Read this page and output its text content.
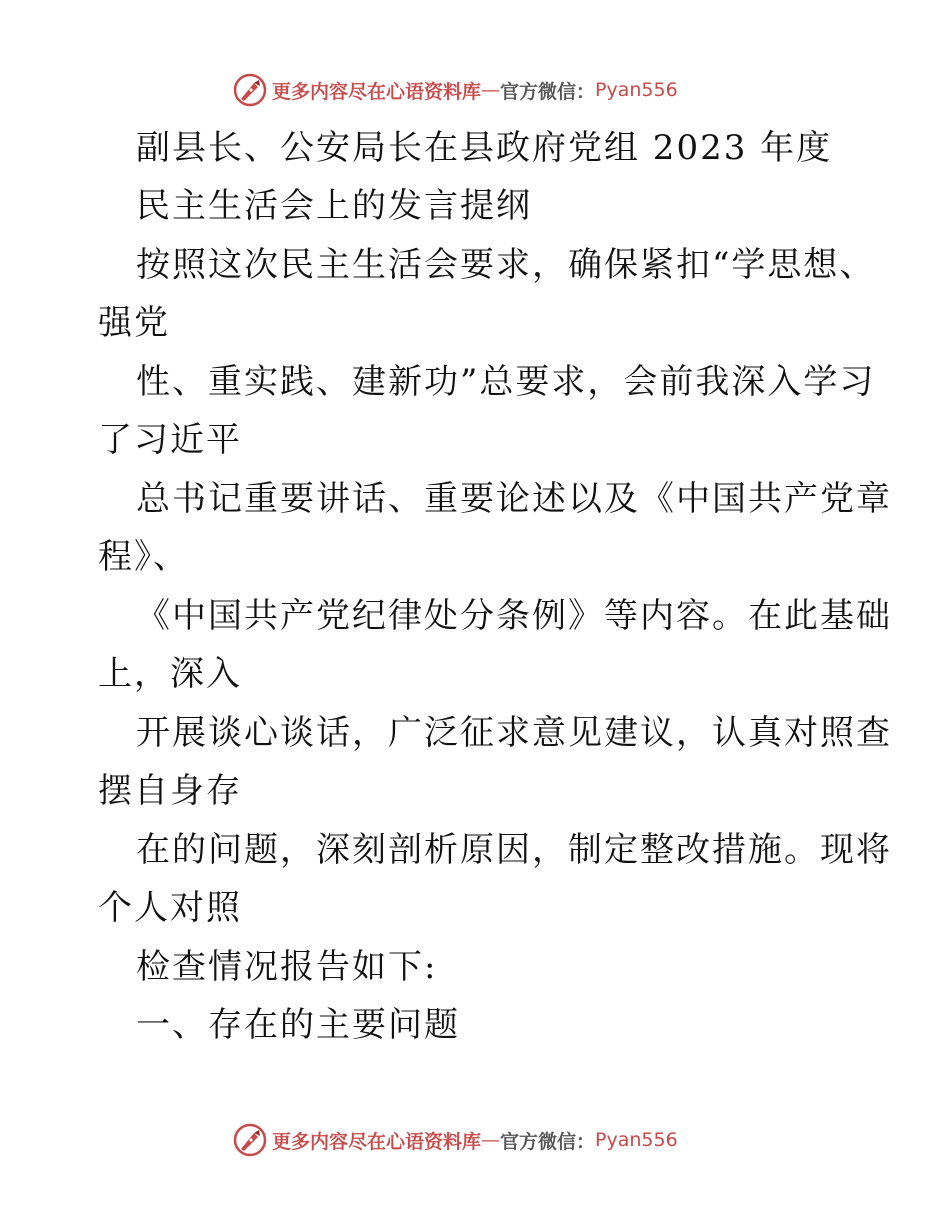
更多内容尽在心语资料库 — 官方微信： Pyan556
副县长、公安局长在县政府党组 2023 年度
民主生活会上的发言提纲
按照这次民主生活会要求，确保紧扣“学思想、
强党
性、重实践、建新功”总要求，会前我深入学习
了习近平
总书记重要讲话、重要论述以及《中国共产党章
程》、
《中国共产党纪律处分条例》等内容。在此基础
上，深入
开展谈心谈话，广泛征求意见建议，认真对照查
摆自身存
在的问题，深刻剖析原因，制定整改措施。现将
个人对照
检查情况报告如下:
一、存在的主要问题
更多内容尽在心语资料库 — 官方微信： Pyan556
